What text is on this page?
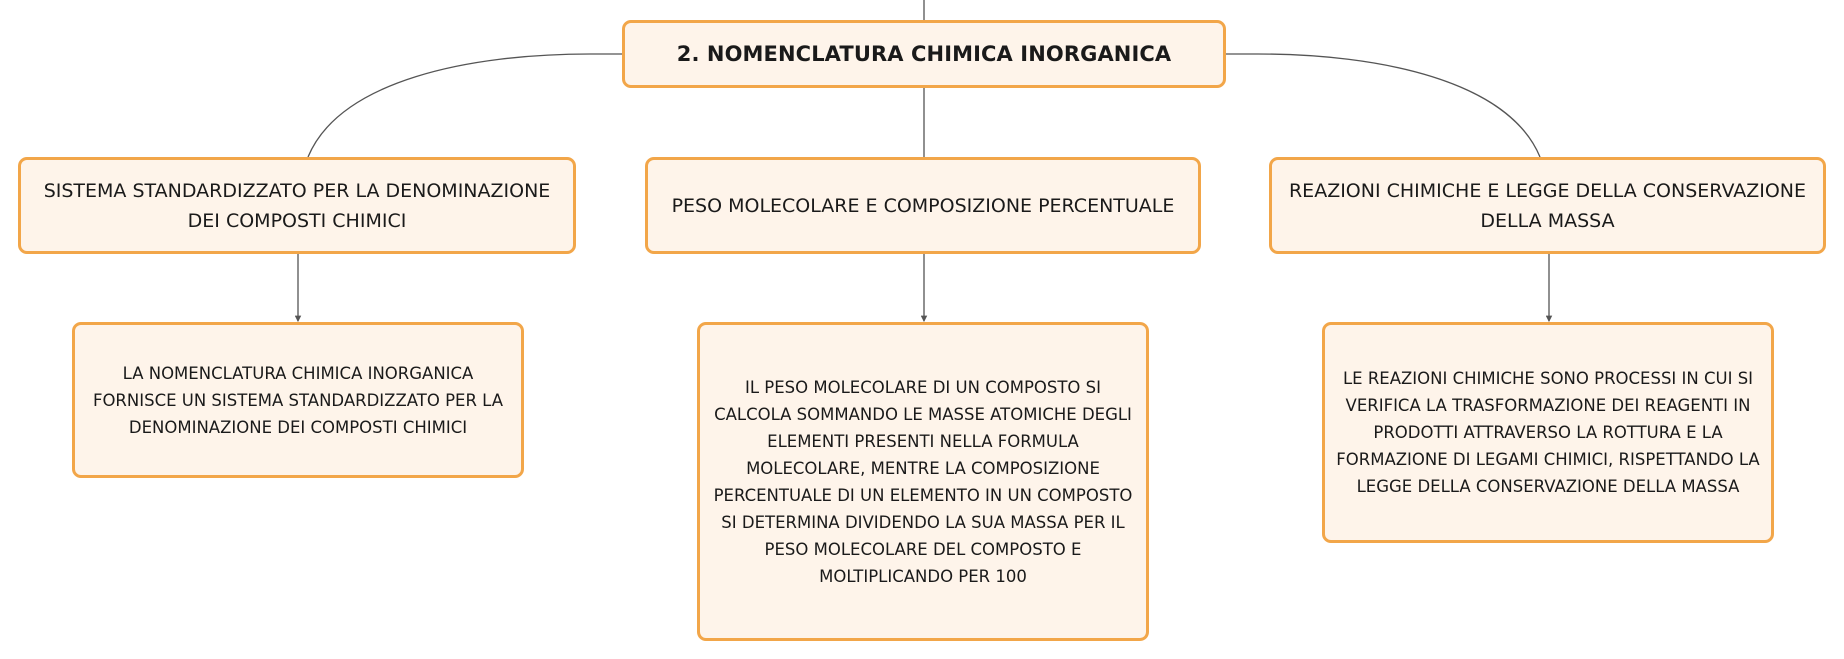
2. NOMENCLATURA CHIMICA INORGANICA
SISTEMA STANDARDIZZATO PER LA DENOMINAZIONE DEI COMPOSTI CHIMICI
PESO MOLECOLARE E COMPOSIZIONE PERCENTUALE
REAZIONI CHIMICHE E LEGGE DELLA CONSERVAZIONE DELLA MASSA
LA NOMENCLATURA CHIMICA INORGANICA FORNISCE UN SISTEMA STANDARDIZZATO PER LA DENOMINAZIONE DEI COMPOSTI CHIMICI
IL PESO MOLECOLARE DI UN COMPOSTO SI CALCOLA SOMMANDO LE MASSE ATOMICHE DEGLI ELEMENTI PRESENTI NELLA FORMULA MOLECOLARE, MENTRE LA COMPOSIZIONE PERCENTUALE DI UN ELEMENTO IN UN COMPOSTO SI DETERMINA DIVIDENDO LA SUA MASSA PER IL PESO MOLECOLARE DEL COMPOSTO E MOLTIPLICANDO PER 100
LE REAZIONI CHIMICHE SONO PROCESSI IN CUI SI VERIFICA LA TRASFORMAZIONE DEI REAGENTI IN PRODOTTI ATTRAVERSO LA ROTTURA E LA FORMAZIONE DI LEGAMI CHIMICI, RISPETTANDO LA LEGGE DELLA CONSERVAZIONE DELLA MASSA
